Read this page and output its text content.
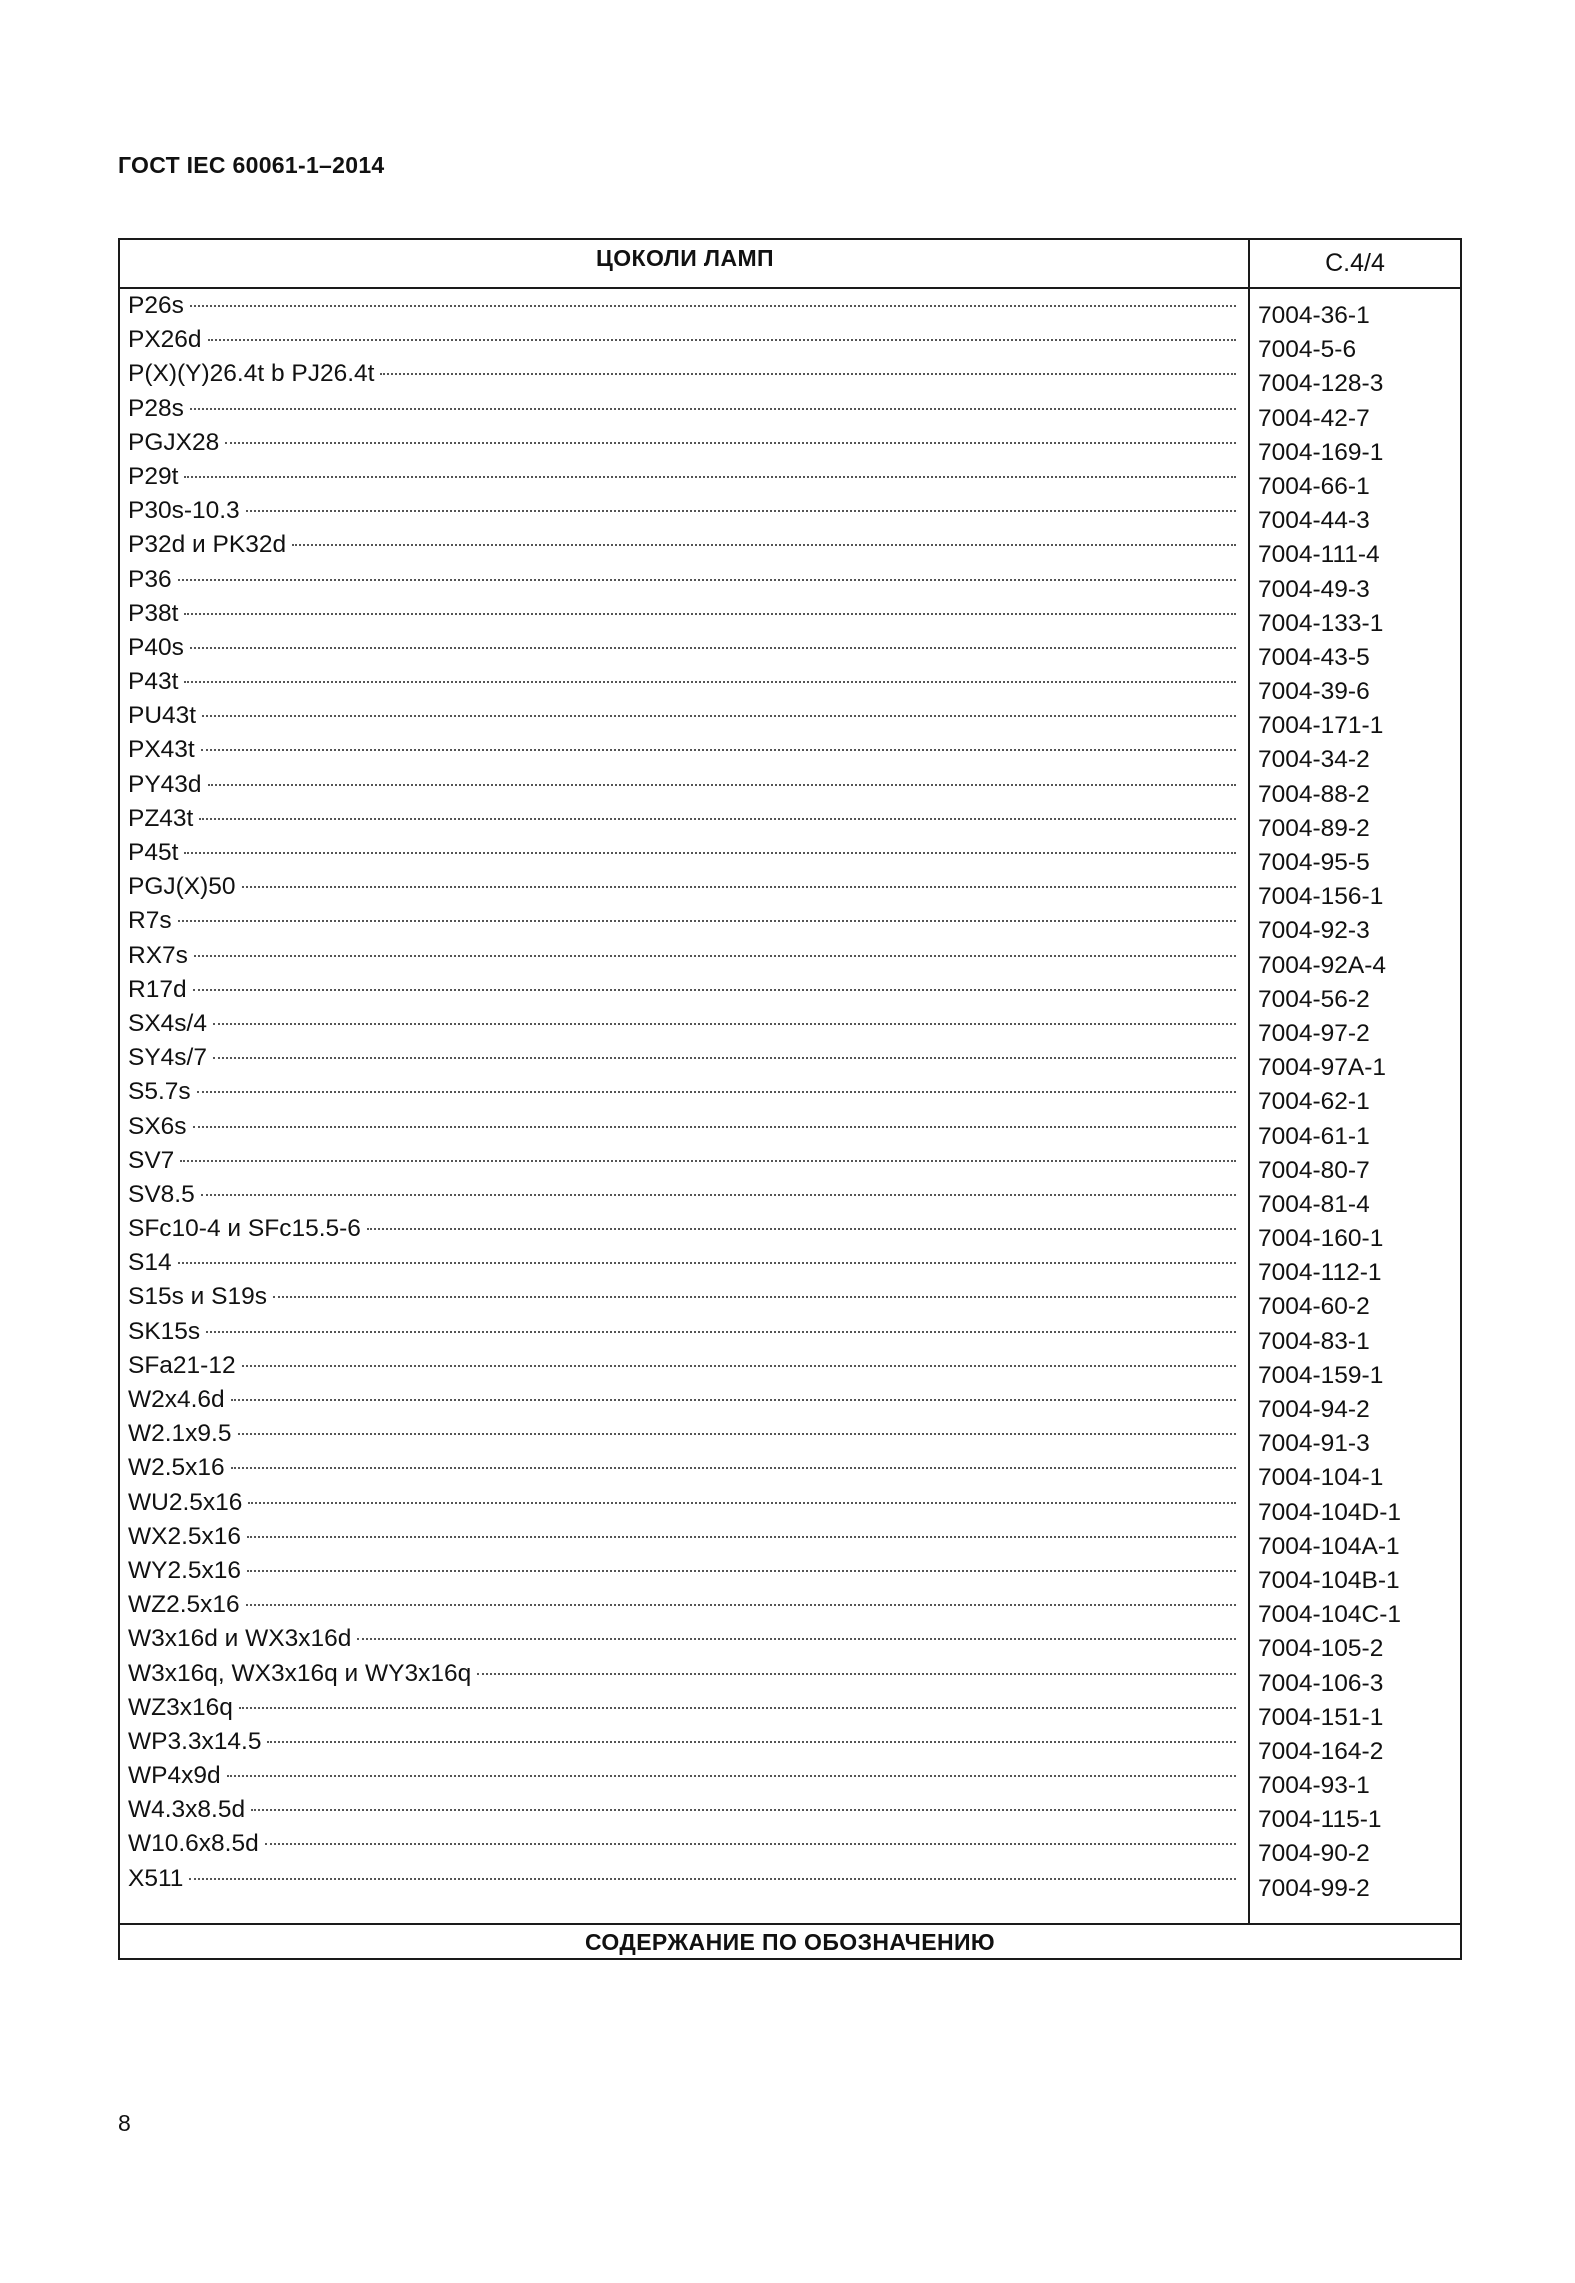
ГОСТ IEC 60061-1–2014
ЦОКОЛИ ЛАМП	С.4/4
P26s
PX26d
P(X)(Y)26.4t b PJ26.4t
P28s
PGJX28
P29t
P30s-10.3
P32d и PK32d
P36
P38t
P40s
P43t
PU43t
PX43t
PY43d
PZ43t
P45t
PGJ(X)50
R7s
RX7s
R17d
SX4s/4
SY4s/7
S5.7s
SX6s
SV7
SV8.5
SFc10-4 и SFc15.5-6
S14
S15s и S19s
SK15s
SFa21-12
W2x4.6d
W2.1x9.5
W2.5x16
WU2.5x16
WX2.5x16
WY2.5x16
WZ2.5x16
W3x16d и WX3x16d
W3x16q, WX3x16q и WY3x16q
WZ3x16q
WP3.3x14.5
WP4x9d
W4.3x8.5d
W10.6x8.5d
X511
7004-36-1
7004-5-6
7004-128-3
7004-42-7
7004-169-1
7004-66-1
7004-44-3
7004-111-4
7004-49-3
7004-133-1
7004-43-5
7004-39-6
7004-171-1
7004-34-2
7004-88-2
7004-89-2
7004-95-5
7004-156-1
7004-92-3
7004-92A-4
7004-56-2
7004-97-2
7004-97A-1
7004-62-1
7004-61-1
7004-80-7
7004-81-4
7004-160-1
7004-112-1
7004-60-2
7004-83-1
7004-159-1
7004-94-2
7004-91-3
7004-104-1
7004-104D-1
7004-104A-1
7004-104B-1
7004-104C-1
7004-105-2
7004-106-3
7004-151-1
7004-164-2
7004-93-1
7004-115-1
7004-90-2
7004-99-2
СОДЕРЖАНИЕ ПО ОБОЗНАЧЕНИЮ
8
